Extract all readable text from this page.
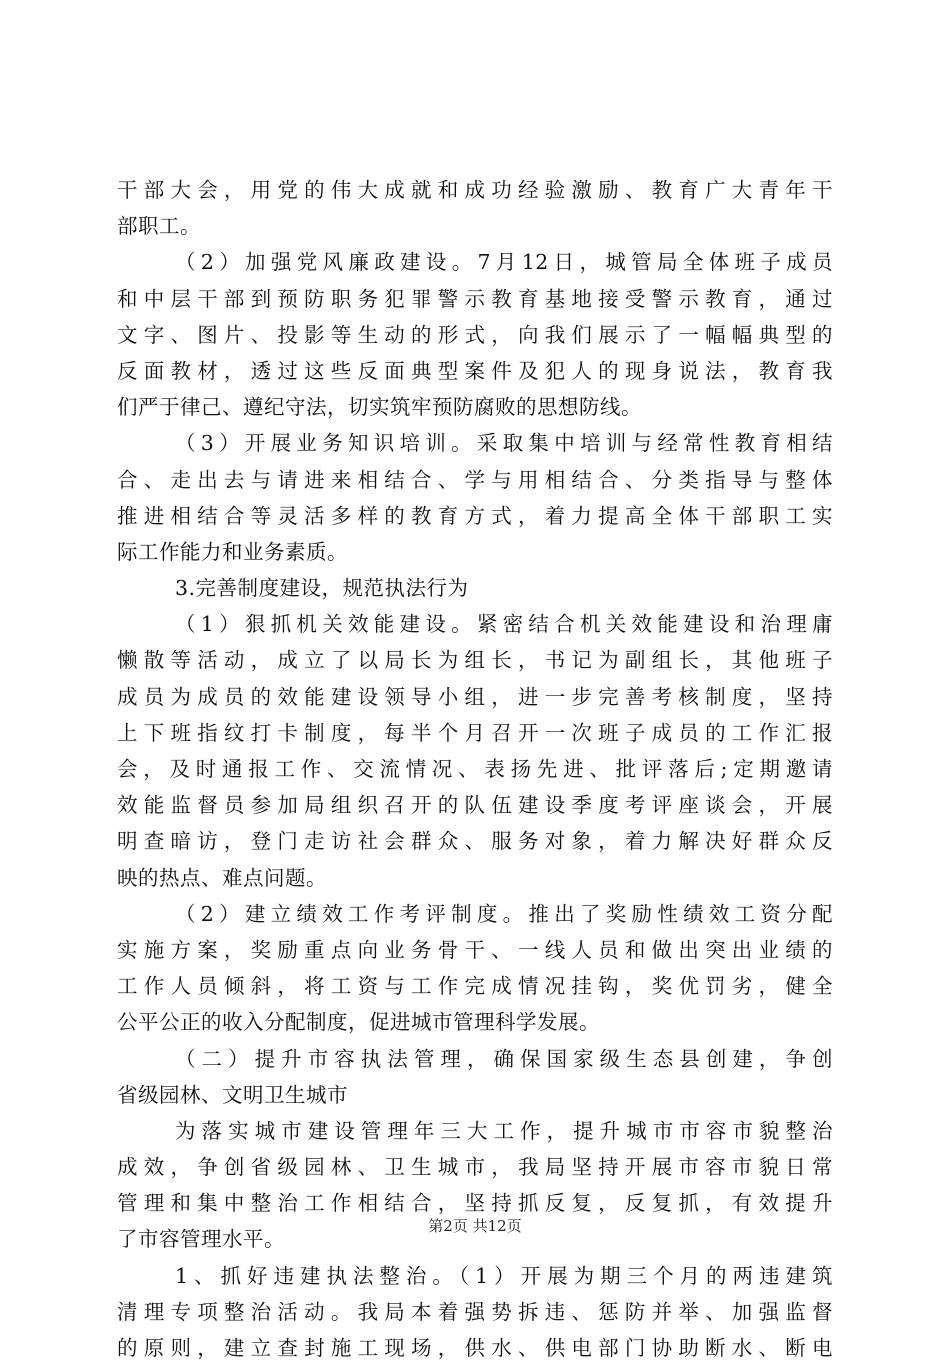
干部大会，用党的伟大成就和成功经验激励、教育广大青年干
部职工。
（2）加强党风廉政建设。7月12日，城管局全体班子成员
和中层干部到预防职务犯罪警示教育基地接受警示教育，通过
文字、图片、投影等生动的形式，向我们展示了一幅幅典型的
反面教材，透过这些反面典型案件及犯人的现身说法，教育我
们严于律己、遵纪守法，切实筑牢预防腐败的思想防线。
（3）开展业务知识培训。采取集中培训与经常性教育相结
合、走出去与请进来相结合、学与用相结合、分类指导与整体
推进相结合等灵活多样的教育方式，着力提高全体干部职工实
际工作能力和业务素质。
3.完善制度建设，规范执法行为
（1）狠抓机关效能建设。紧密结合机关效能建设和治理庸
懒散等活动，成立了以局长为组长，书记为副组长，其他班子
成员为成员的效能建设领导小组，进一步完善考核制度，坚持
上下班指纹打卡制度，每半个月召开一次班子成员的工作汇报
会，及时通报工作、交流情况、表扬先进、批评落后;定期邀请
效能监督员参加局组织召开的队伍建设季度考评座谈会，开展
明查暗访，登门走访社会群众、服务对象，着力解决好群众反
映的热点、难点问题。
（2）建立绩效工作考评制度。推出了奖励性绩效工资分配
实施方案，奖励重点向业务骨干、一线人员和做出突出业绩的
工作人员倾斜，将工资与工作完成情况挂钩，奖优罚劣，健全
公平公正的收入分配制度，促进城市管理科学发展。
（二）提升市容执法管理，确保国家级生态县创建，争创
省级园林、文明卫生城市
为落实城市建设管理年三大工作，提升城市市容市貌整治
成效，争创省级园林、卫生城市，我局坚持开展市容市貌日常
管理和集中整治工作相结合，坚持抓反复，反复抓，有效提升
了市容管理水平。
1、抓好违建执法整治。（1）开展为期三个月的两违建筑
清理专项整治活动。我局本着强势拆违、惩防并举、加强监督
的原则，建立查封施工现场，供水、供电部门协助断水、断电
第2页 共12页
